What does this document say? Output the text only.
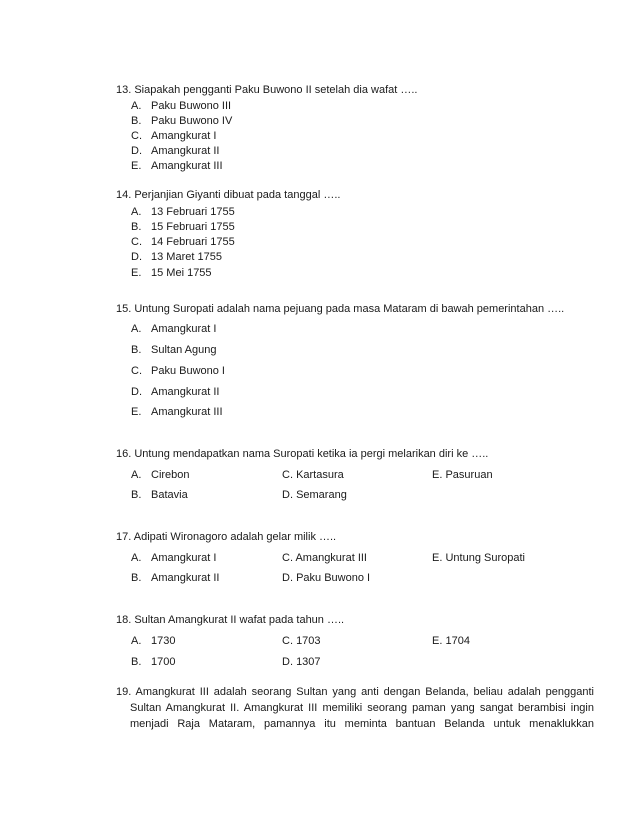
13. Siapakah pengganti Paku Buwono II setelah dia wafat …..
A. Paku Buwono III
B. Paku Buwono IV
C. Amangkurat I
D. Amangkurat II
E. Amangkurat III
14. Perjanjian Giyanti dibuat pada tanggal …..
A. 13 Februari 1755
B. 15 Februari 1755
C. 14 Februari 1755
D. 13 Maret 1755
E. 15 Mei 1755
15. Untung Suropati adalah nama pejuang pada masa Mataram di bawah pemerintahan …..
A. Amangkurat I
B. Sultan Agung
C. Paku Buwono I
D. Amangkurat II
E. Amangkurat III
16. Untung mendapatkan nama Suropati ketika ia pergi melarikan diri ke …..
A. Cirebon	C. Kartasura	E. Pasuruan
B. Batavia	D. Semarang
17. Adipati Wironagoro adalah gelar milik …..
A. Amangkurat I	C. Amangkurat III	E. Untung Suropati
B. Amangkurat II	D. Paku Buwono I
18. Sultan Amangkurat II wafat pada tahun …..
A. 1730	C. 1703	E. 1704
B. 1700	D. 1307
19. Amangkurat III adalah seorang Sultan yang anti dengan Belanda, beliau adalah pengganti
Sultan Amangkurat II. Amangkurat III memiliki seorang paman yang sangat berambisi ingin
menjadi Raja Mataram, pamannya itu meminta bantuan Belanda untuk menaklukkan
